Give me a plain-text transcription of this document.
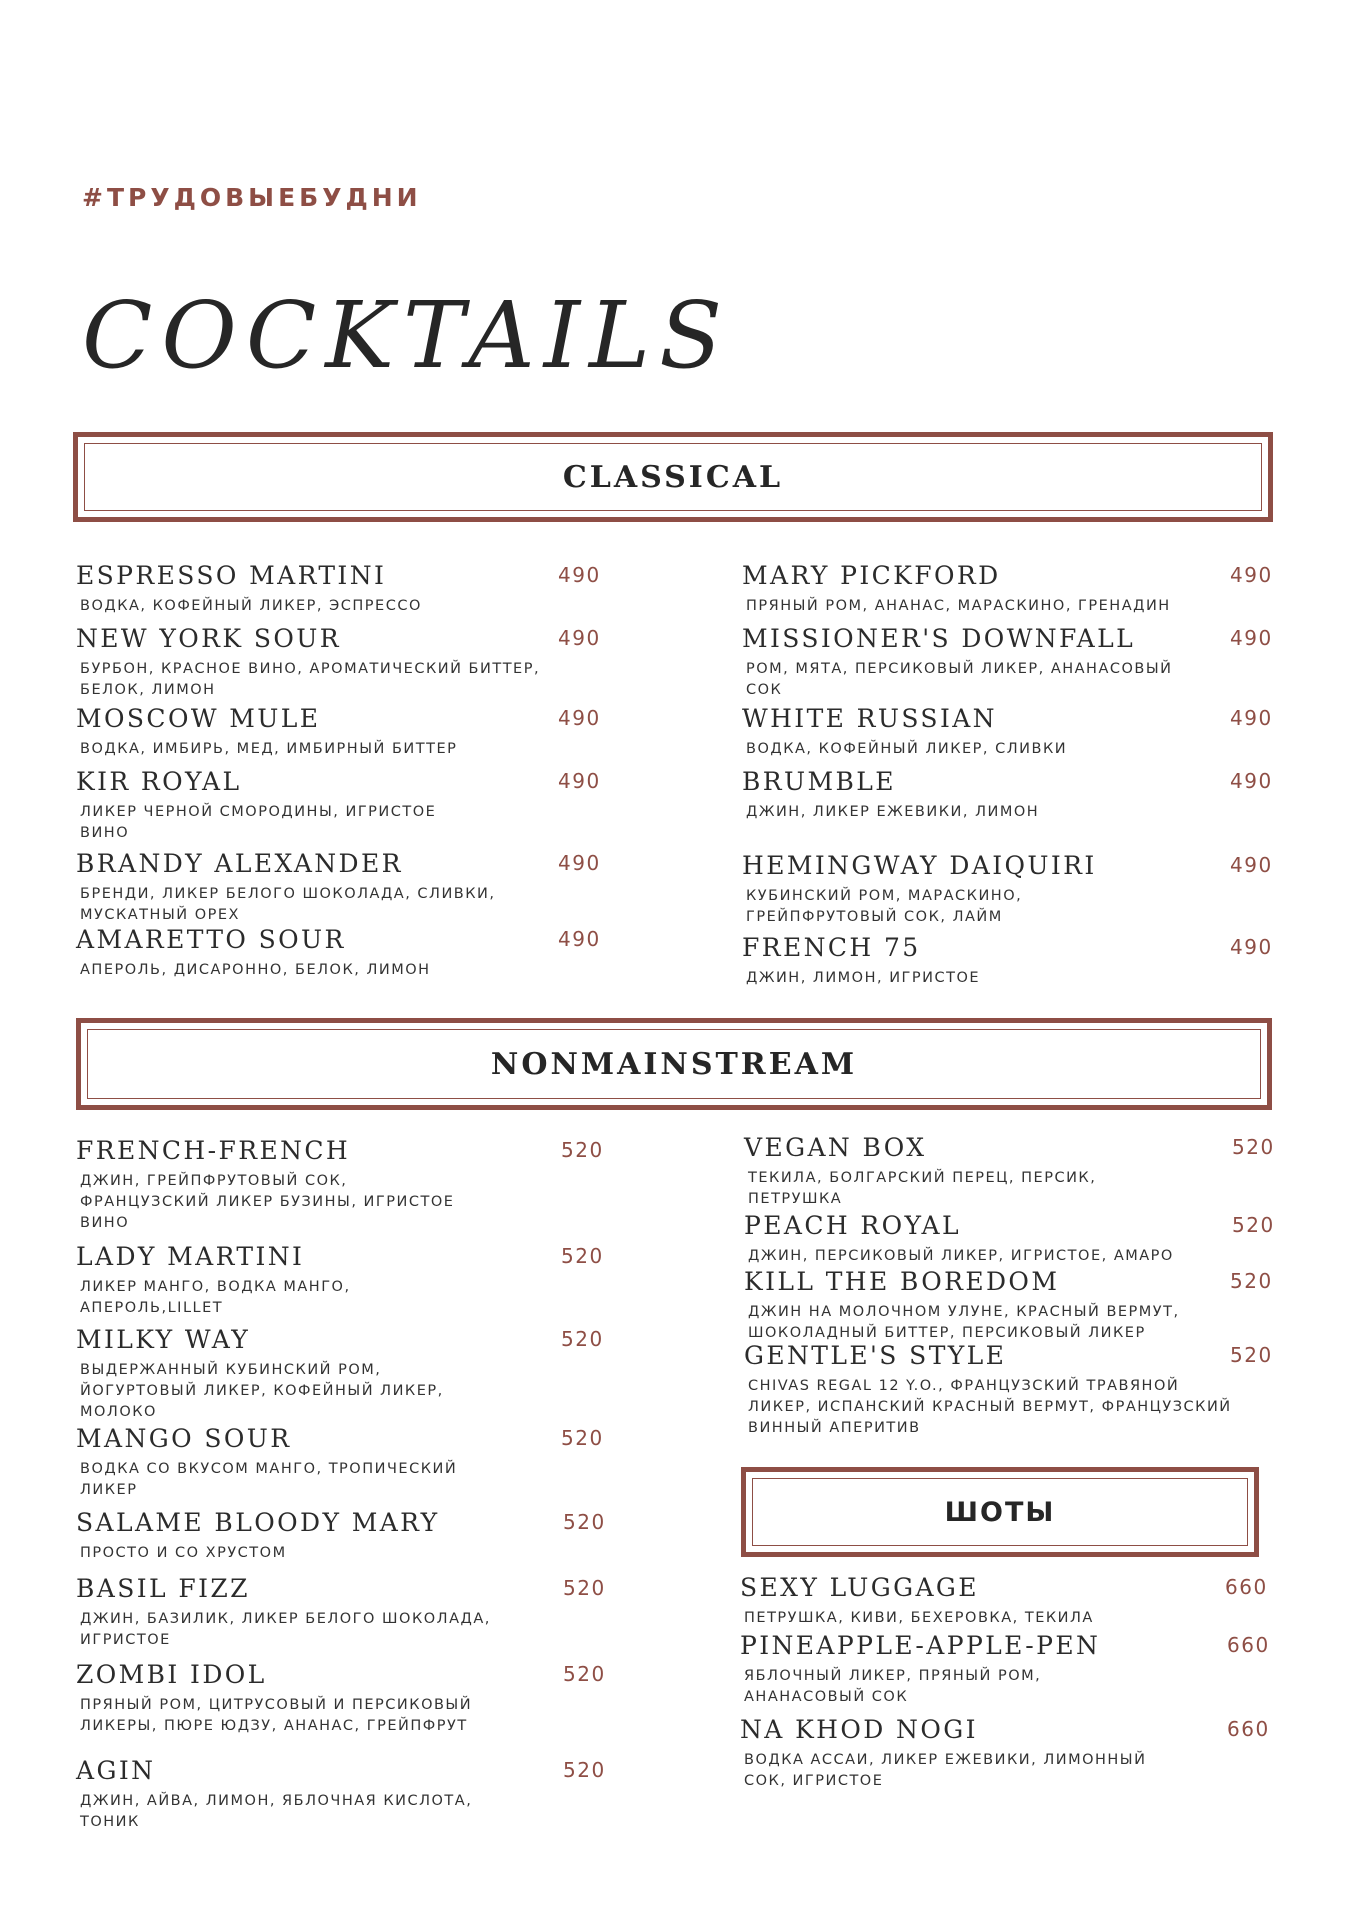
#ТРУДОВЫЕБУДНИ
COCKTAILS
CLASSICAL
ESPRESSO MARTINI	490
ВОДКА, КОФЕЙНЫЙ ЛИКЕР, ЭСПРЕССО
NEW YORK SOUR	490
БУРБОН, КРАСНОЕ ВИНО, АРОМАТИЧЕСКИЙ БИТТЕР, БЕЛОК, ЛИМОН
MOSCOW MULE	490
ВОДКА, ИМБИРЬ, МЕД, ИМБИРНЫЙ БИТТЕР
KIR ROYAL	490
ЛИКЕР ЧЕРНОЙ СМОРОДИНЫ, ИГРИСТОЕ ВИНО
BRANDY ALEXANDER	490
БРЕНДИ, ЛИКЕР БЕЛОГО ШОКОЛАДА, СЛИВКИ, МУСКАТНЫЙ ОРЕХ
AMARETTO SOUR	490
АПЕРОЛЬ, ДИСАРОННО, БЕЛОК, ЛИМОН
MARY PICKFORD	490
ПРЯНЫЙ РОМ, АНАНАС, МАРАСКИНО, ГРЕНАДИН
MISSIONER'S DOWNFALL	490
РОМ, МЯТА, ПЕРСИКОВЫЙ ЛИКЕР, АНАНАСОВЫЙ СОК
WHITE RUSSIAN	490
ВОДКА, КОФЕЙНЫЙ ЛИКЕР, СЛИВКИ
BRUMBLE	490
ДЖИН, ЛИКЕР ЕЖЕВИКИ, ЛИМОН
HEMINGWAY DAIQUIRI	490
КУБИНСКИЙ РОМ, МАРАСКИНО, ГРЕЙПФРУТОВЫЙ СОК, ЛАЙМ
FRENCH 75	490
ДЖИН, ЛИМОН, ИГРИСТОЕ
NONMAINSTREAM
FRENCH-FRENCH	520
ДЖИН, ГРЕЙПФРУТОВЫЙ СОК, ФРАНЦУЗСКИЙ ЛИКЕР БУЗИНЫ, ИГРИСТОЕ ВИНО
LADY MARTINI	520
ЛИКЕР МАНГО, ВОДКА МАНГО, АПЕРОЛЬ,LILLET
MILKY WAY	520
ВЫДЕРЖАННЫЙ КУБИНСКИЙ РОМ, ЙОГУРТОВЫЙ ЛИКЕР, КОФЕЙНЫЙ ЛИКЕР, МОЛОКО
MANGO SOUR	520
ВОДКА СО ВКУСОМ МАНГО, ТРОПИЧЕСКИЙ ЛИКЕР
SALAME BLOODY MARY	520
ПРОСТО И СО ХРУСТОМ
BASIL FIZZ	520
ДЖИН, БАЗИЛИК, ЛИКЕР БЕЛОГО ШОКОЛАДА, ИГРИСТОЕ
ZOMBI IDOL	520
ПРЯНЫЙ РОМ, ЦИТРУСОВЫЙ И ПЕРСИКОВЫЙ ЛИКЕРЫ, ПЮРЕ ЮДЗУ, АНАНАС, ГРЕЙПФРУТ
AGIN	520
ДЖИН, АЙВА, ЛИМОН, ЯБЛОЧНАЯ КИСЛОТА, ТОНИК
VEGAN BOX	520
ТЕКИЛА, БОЛГАРСКИЙ ПЕРЕЦ, ПЕРСИК, ПЕТРУШКА
PEACH ROYAL	520
ДЖИН, ПЕРСИКОВЫЙ ЛИКЕР, ИГРИСТОЕ, АМАРО
KILL THE BOREDOM	520
ДЖИН НА МОЛОЧНОМ УЛУНЕ, КРАСНЫЙ ВЕРМУТ, ШОКОЛАДНЫЙ БИТТЕР, ПЕРСИКОВЫЙ ЛИКЕР
GENTLE'S STYLE	520
CHIVAS REGAL 12 Y.O., ФРАНЦУЗСКИЙ ТРАВЯНОЙ ЛИКЕР, ИСПАНСКИЙ КРАСНЫЙ ВЕРМУТ, ФРАНЦУЗСКИЙ ВИННЫЙ АПЕРИТИВ
ШОТЫ
SEXY LUGGAGE	660
ПЕТРУШКА, КИВИ, БЕХЕРОВКА, ТЕКИЛА
PINEAPPLE-APPLE-PEN	660
ЯБЛОЧНЫЙ ЛИКЕР, ПРЯНЫЙ РОМ, АНАНАСОВЫЙ СОК
NA KHOD NOGI	660
ВОДКА АССАИ, ЛИКЕР ЕЖЕВИКИ, ЛИМОННЫЙ СОК, ИГРИСТОЕ
